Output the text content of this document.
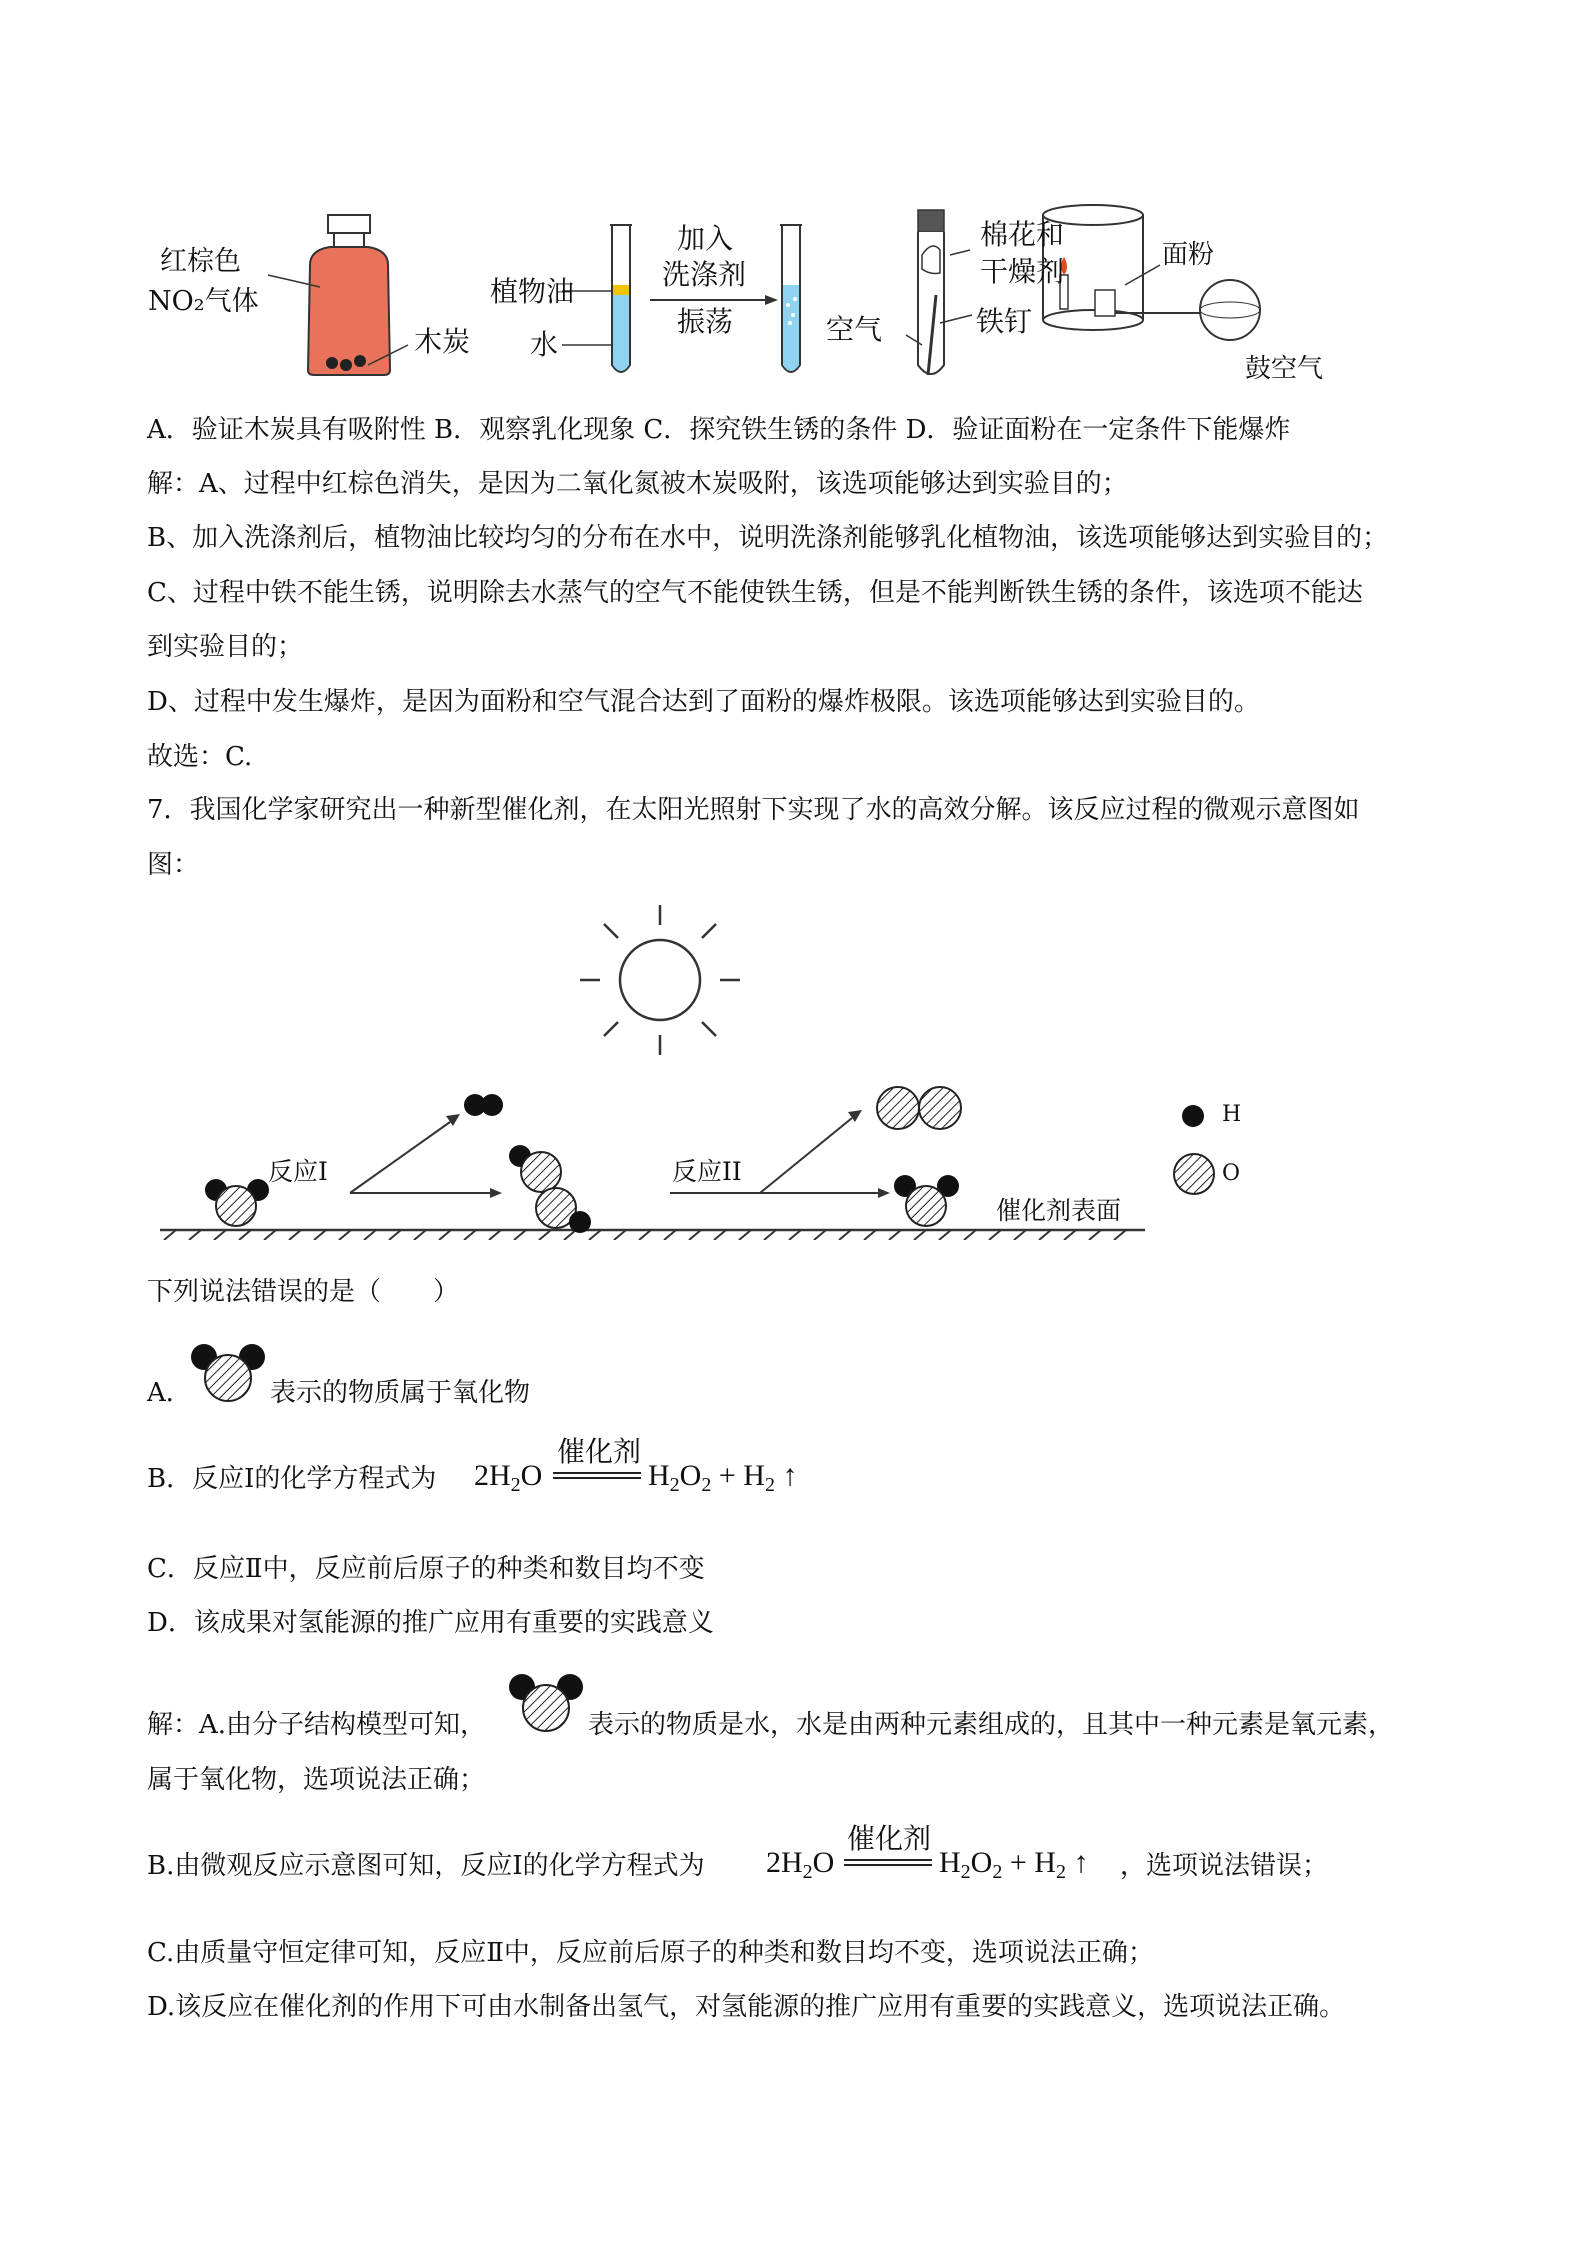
红棕色
NO₂气体
木炭
植物油
水
加入
洗涤剂
振荡
棉花和
干燥剂
空气	铁钉
面粉
鼓空气
A．验证木炭具有吸附性 B．观察乳化现象 C．探究铁生锈的条件 D．验证面粉在一定条件下能爆炸
解：A、过程中红棕色消失，是因为二氧化氮被木炭吸附，该选项能够达到实验目的；
B、加入洗涤剂后，植物油比较均匀的分布在水中，说明洗涤剂能够乳化植物油，该选项能够达到实验目的；
C、过程中铁不能生锈，说明除去水蒸气的空气不能使铁生锈，但是不能判断铁生锈的条件，该选项不能达
到实验目的；
D、过程中发生爆炸，是因为面粉和空气混合达到了面粉的爆炸极限。该选项能够达到实验目的。
故选：C.
7．我国化学家研究出一种新型催化剂，在太阳光照射下实现了水的高效分解。该反应过程的微观示意图如
图：
反应I	反应II
催化剂表面
H
O
下列说法错误的是（　　）
A．	表示的物质属于氧化物
B．反应Ⅰ的化学方程式为 $2H_2O$
催化剂
$H_2O_2 + H_2$ ↑
C．反应Ⅱ中，反应前后原子的种类和数目均不变
D．该成果对氢能源的推广应用有重要的实践意义
解：A.由分子结构模型可知，	表示的物质是水，水是由两种元素组成的，且其中一种元素是氧元素，
属于氧化物，选项说法正确；
B.由微观反应示意图可知，反应Ⅰ的化学方程式为 $2H_2O$
催化剂
$H_2O_2 + H_2$ ↑ ，选项说法错误；
C.由质量守恒定律可知，反应Ⅱ中，反应前后原子的种类和数目均不变，选项说法正确；
D.该反应在催化剂的作用下可由水制备出氢气，对氢能源的推广应用有重要的实践意义，选项说法正确。
